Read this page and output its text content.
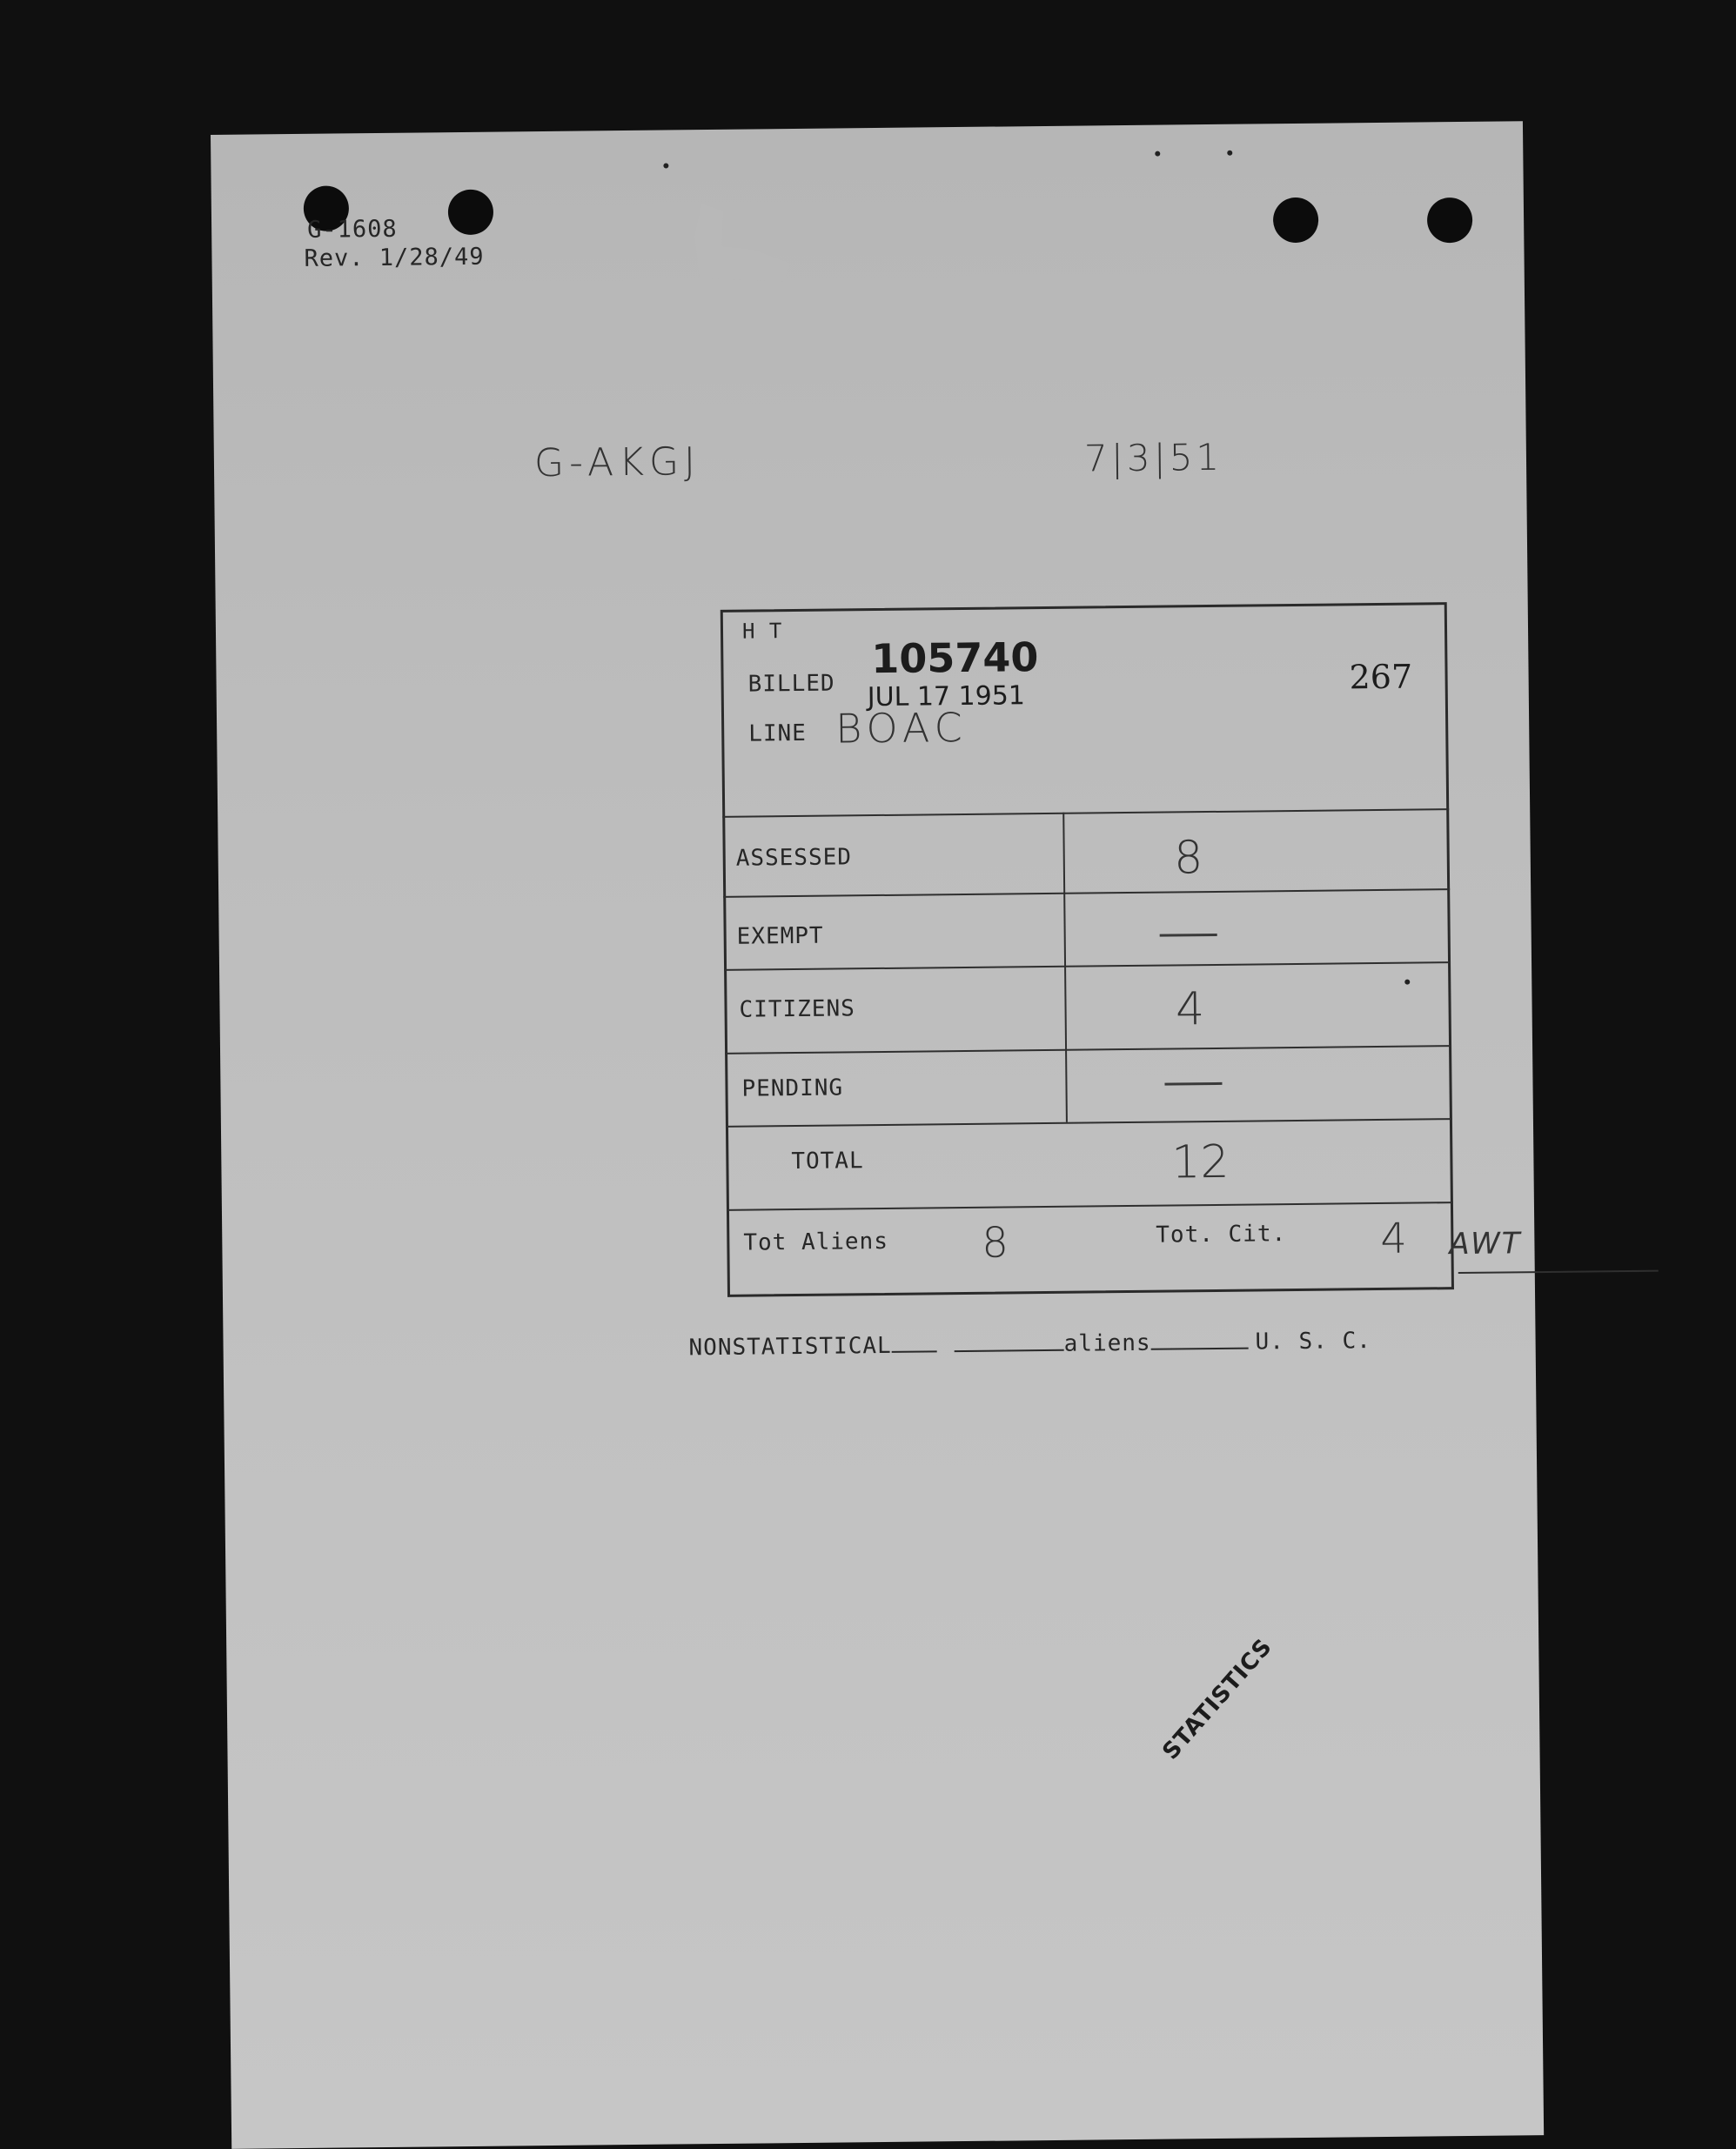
G-1608
Rev. 1/28/49
G-AKGJ	7|3|51
267
H T
BILLED
105740
JUL 17 1951
LINE BOAC
ASSESSED	8
EXEMPT
CITIZENS	4
PENDING
TOTAL	12
Tot Aliens 8	Tot. Cit. 4 AWT

NONSTATISTICAL	aliens	U. S. C.

STATISTICS
